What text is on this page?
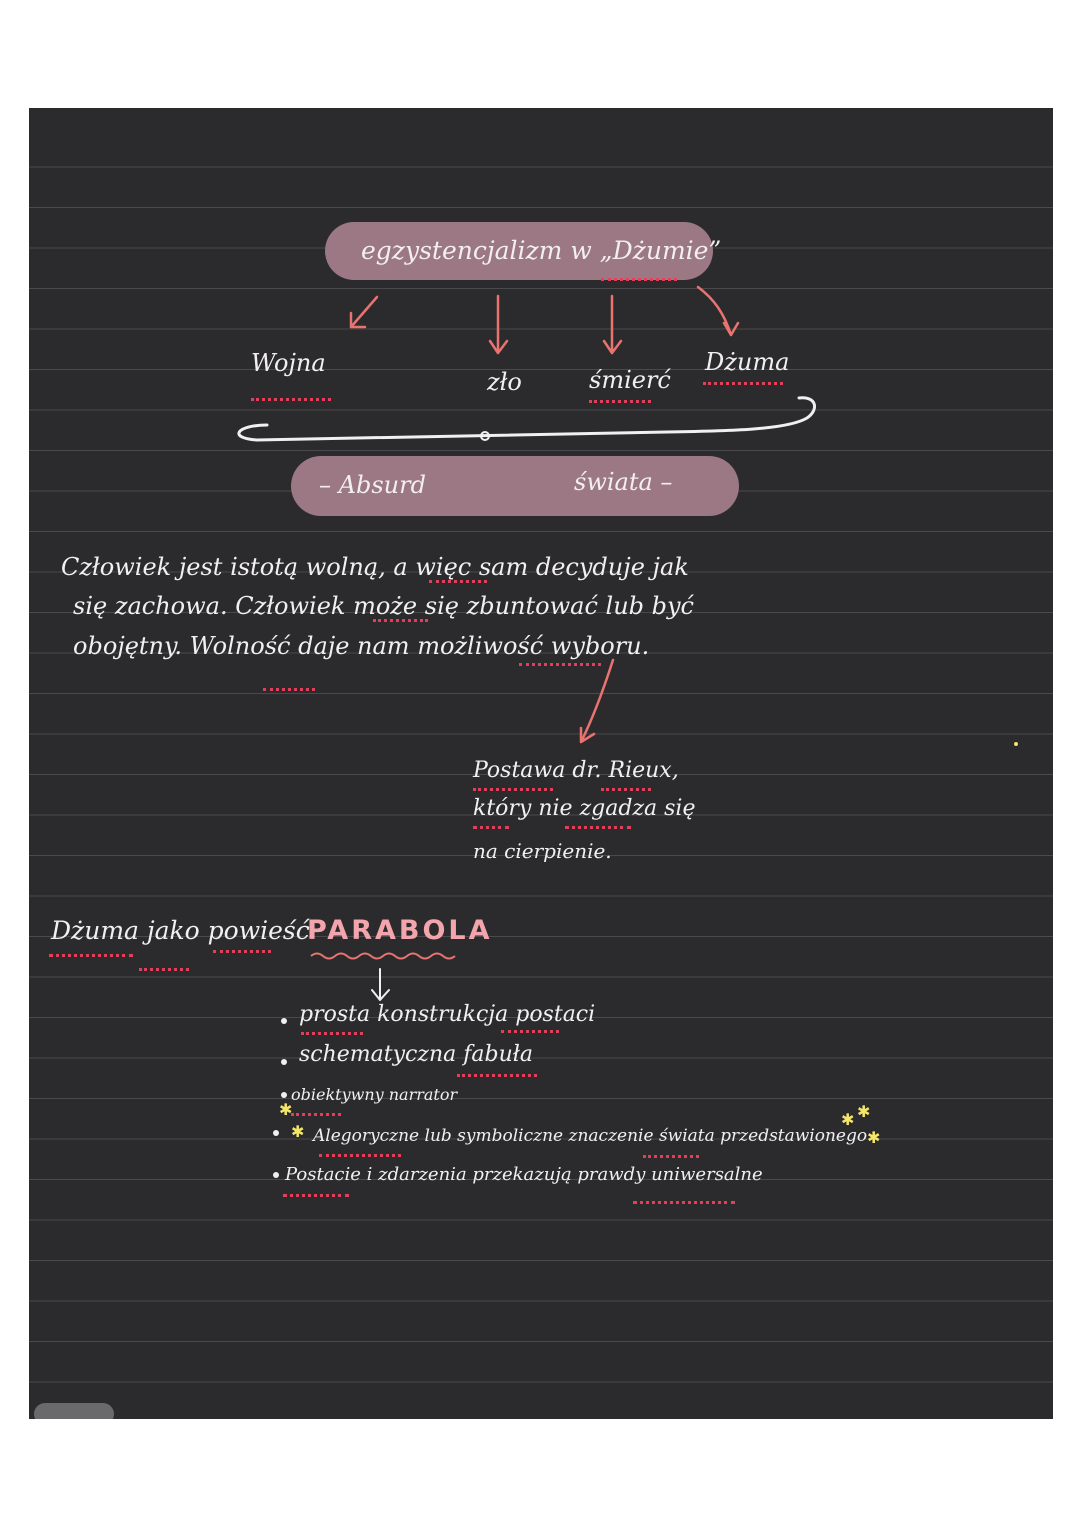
egzystencjalizm w „Dżumie”
Wojna
zło	śmierć
Dżuma
– Absurd	świata –
Człowiek jest istotą wolną, a więc sam decyduje jak
się zachowa. Człowiek może się zbuntować lub być
obojętny. Wolność daje nam możliwość wyboru.
Postawa dr. Rieux,
który nie zgadza się
na cierpienie.
Dżuma jako powieść
PARABOLA
prosta konstrukcja postaci
schematyczna fabuła
obiektywny narrator
✱
✱ Alegoryczne lub symboliczne znaczenie świata przedstawionego
✱ ✱
✱
Postacie i zdarzenia przekazują prawdy uniwersalne
